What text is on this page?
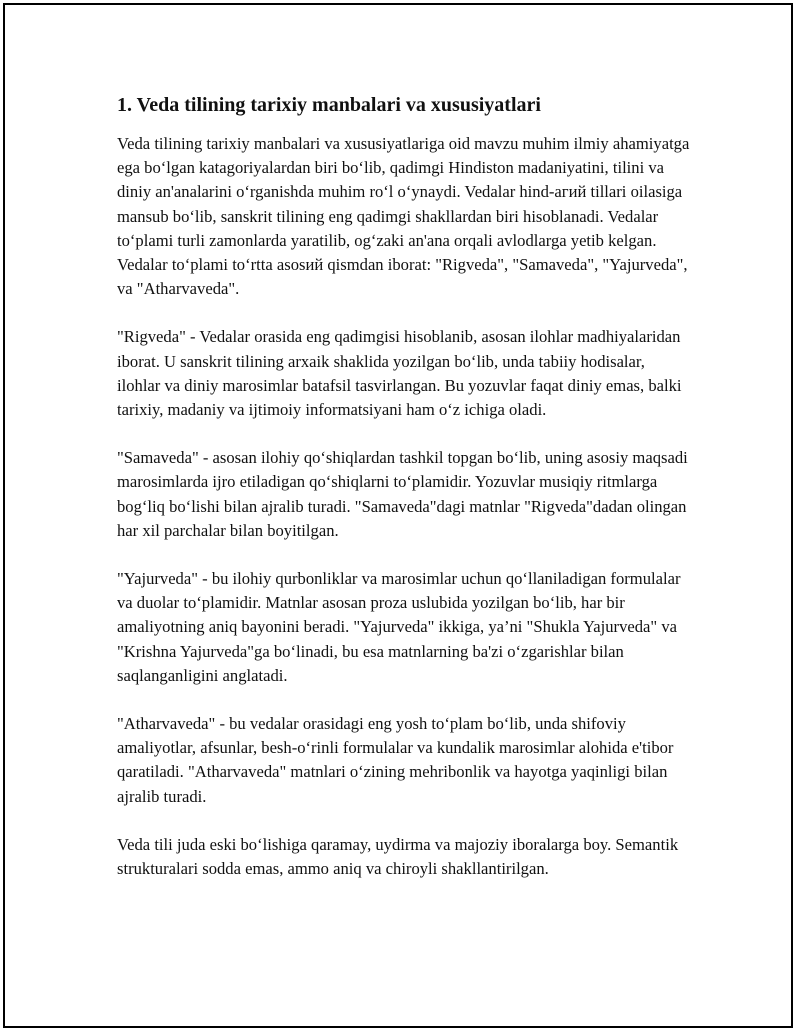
1. Veda tilining tarixiy manbalari va xususiyatlari

Veda tilining tarixiy manbalari va xususiyatlariga oid mavzu muhim ilmiy ahamiyatga ega bo‘lgan katagoriyalardan biri bo‘lib, qadimgi Hindiston madaniyatini, tilini va diniy an'analarini o‘rganishda muhim ro‘l o‘ynaydi. Vedalar hind-агий tillari oilasiga mansub bo‘lib, sanskrit tilining eng qadimgi shakllardan biri hisoblanadi. Vedalar to‘plami turli zamonlarda yaratilib, og‘zaki an'ana orqali avlodlarga yetib kelgan. Vedalar to‘plami to‘rtta asosий qismdan iborat: "Rigveda", "Samaveda", "Yajurveda", va "Atharvaveda".

"Rigveda" - Vedalar orasida eng qadimgisi hisoblanib, asosan ilohlar madhiyalaridan iborat. U sanskrit tilining arxaik shaklida yozilgan bo‘lib, unda tabiiy hodisalar, ilohlar va diniy marosimlar batafsil tasvirlangan. Bu yozuvlar faqat diniy emas, balki tarixiy, madaniy va ijtimoiy informatsiyani ham o‘z ichiga oladi.

"Samaveda" - asosan ilohiy qo‘shiqlardan tashkil topgan bo‘lib, uning asosiy maqsadi marosimlarda ijro etiladigan qo‘shiqlarni to‘plamidir. Yozuvlar musiqiy ritmlarga bog‘liq bo‘lishi bilan ajralib turadi. "Samaveda"dagi matnlar "Rigveda"dadan olingan har xil parchalar bilan boyitilgan.

"Yajurveda" - bu ilohiy qurbonliklar va marosimlar uchun qo‘llaniladigan formulalar va duolar to‘plamidir. Matnlar asosan proza uslubida yozilgan bo‘lib, har bir amaliyotning aniq bayonini beradi. "Yajurveda" ikkiga, ya’ni "Shukla Yajurveda" va "Krishna Yajurveda"ga bo‘linadi, bu esa matnlarning ba'zi o‘zgarishlar bilan saqlanganligini anglatadi.

"Atharvaveda" - bu vedalar orasidagi eng yosh to‘plam bo‘lib, unda shifoviy amaliyotlar, afsunlar, besh-o‘rinli formulalar va kundalik marosimlar alohida e'tibor qaratiladi. "Atharvaveda" matnlari o‘zining mehribonlik va hayotga yaqinligi bilan ajralib turadi.

Veda tili juda eski bo‘lishiga qaramay, uydirma va majoziy iboralarga boy. Semantik strukturalari sodda emas, ammo aniq va chiroyli shakllantirilgan.
